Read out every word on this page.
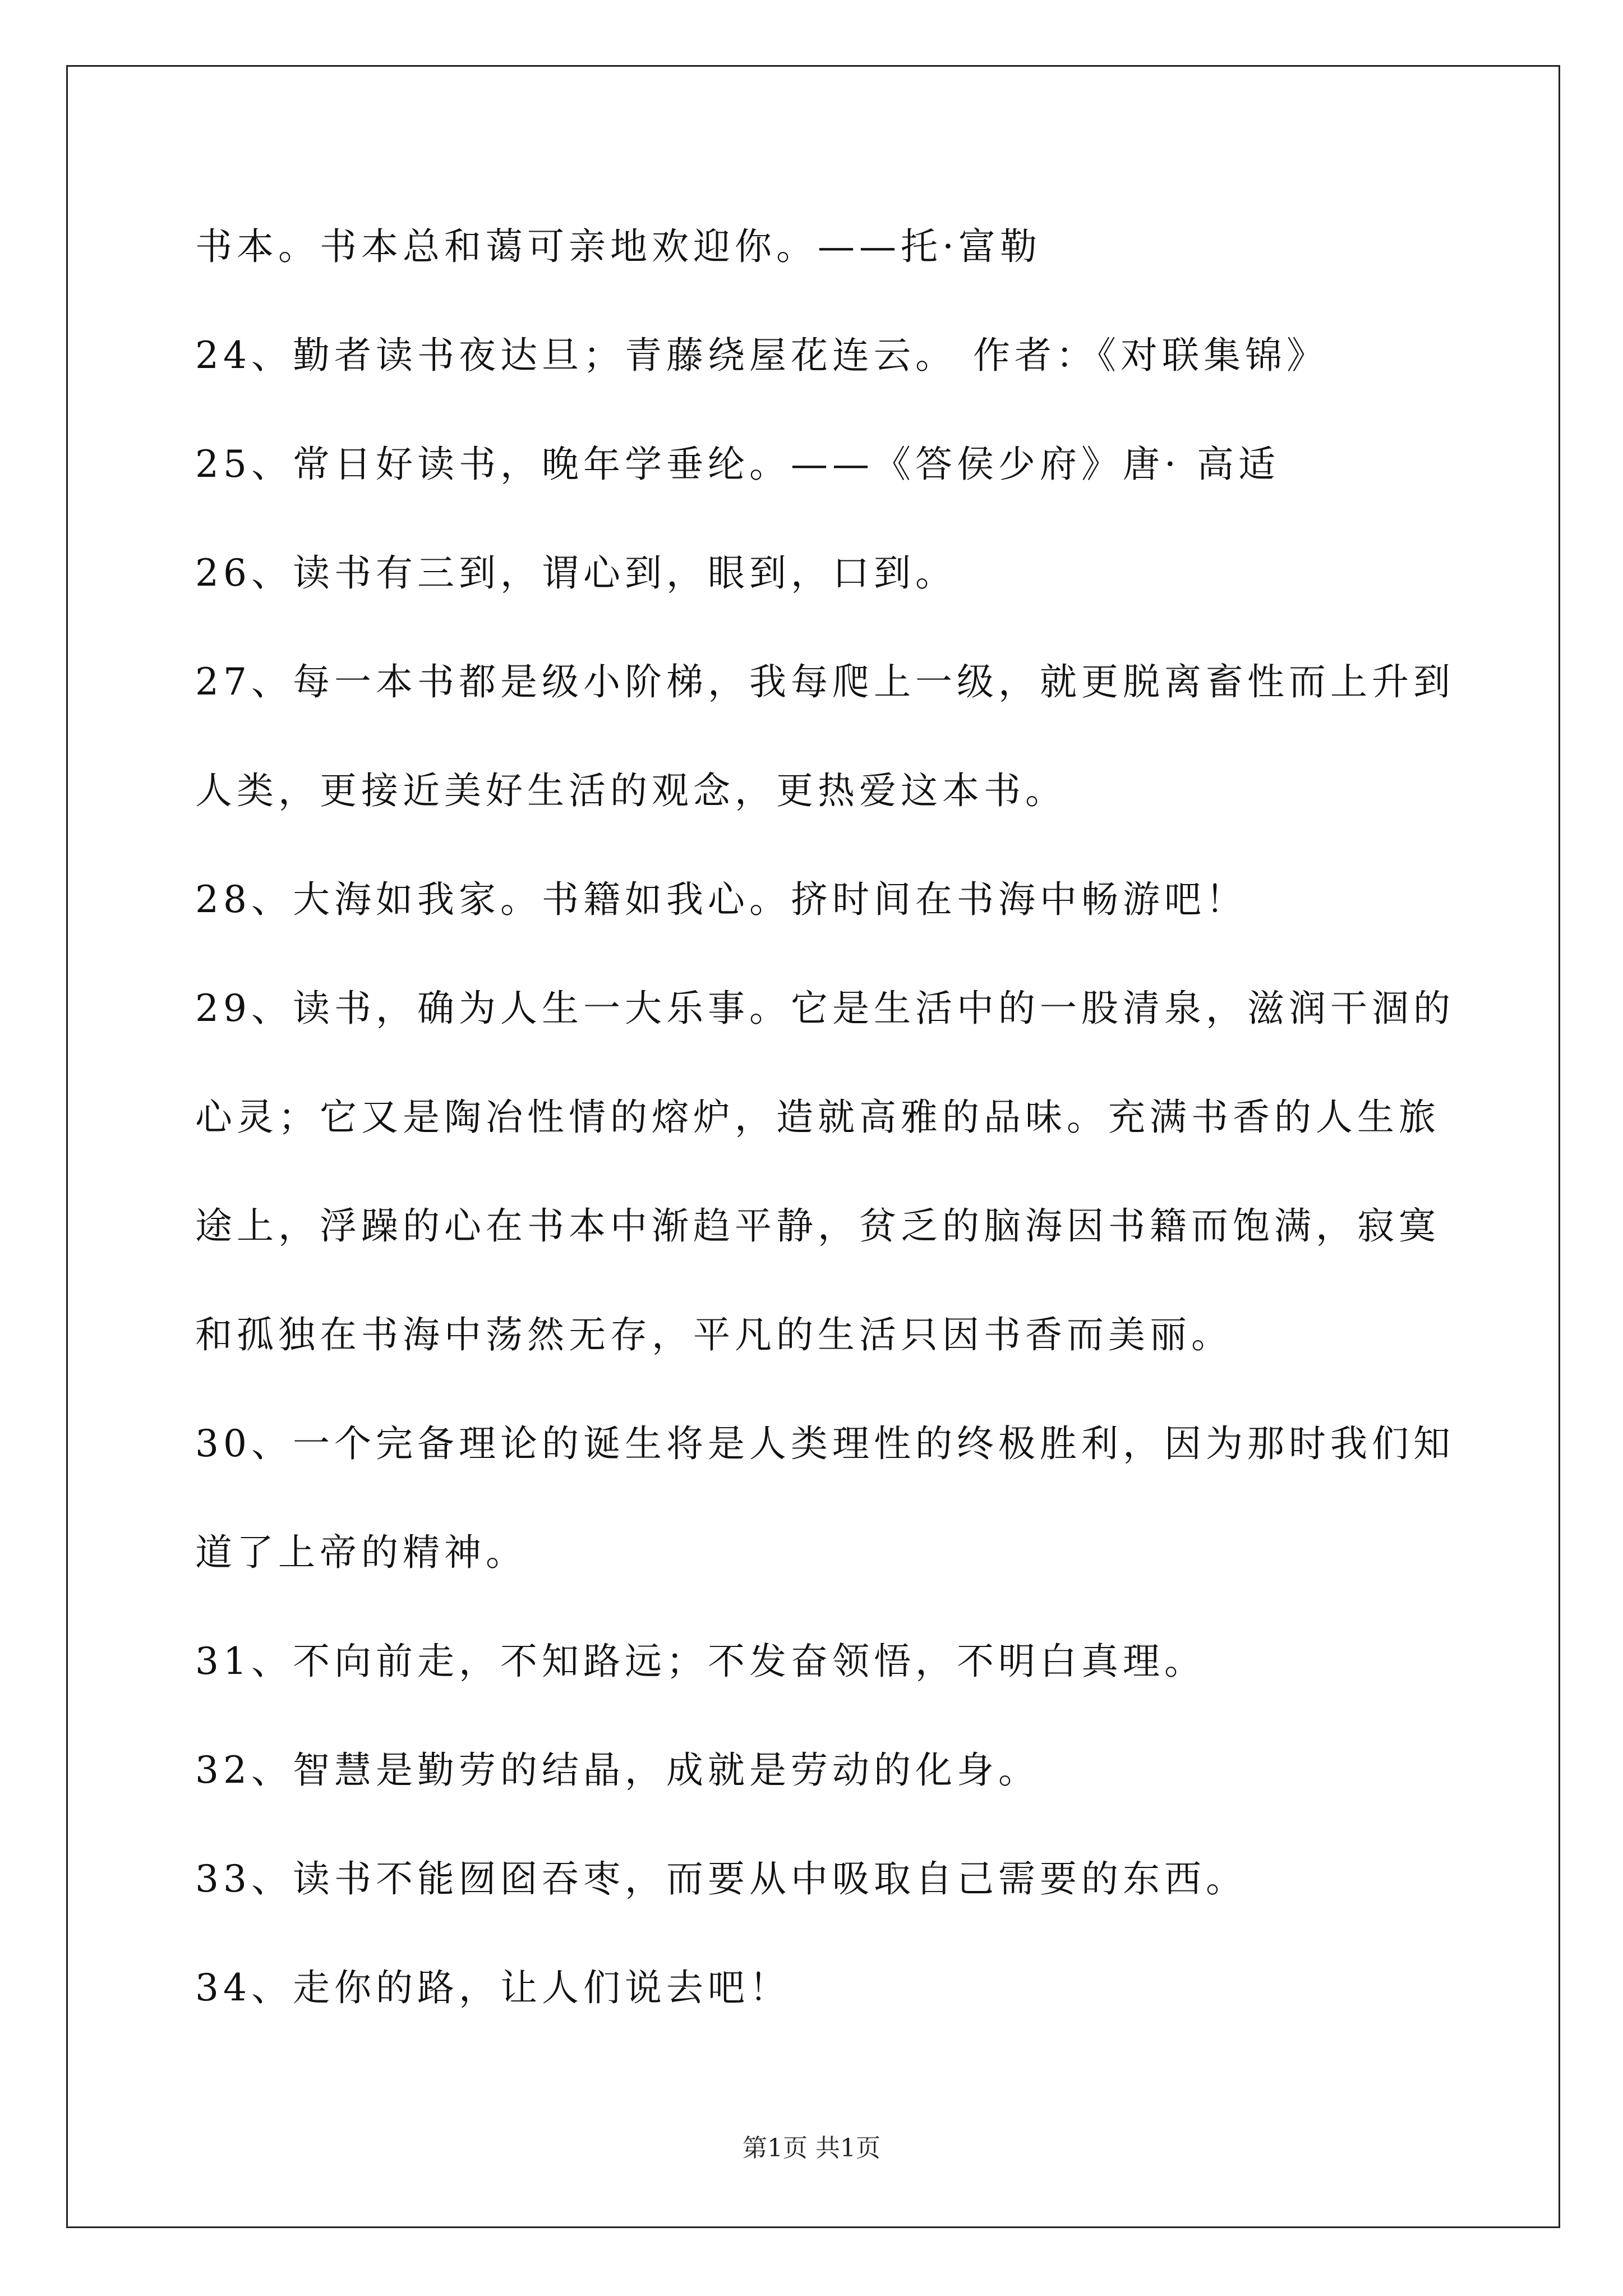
书本。书本总和蔼可亲地欢迎你。——托·富勒
24、勤者读书夜达旦；青藤绕屋花连云。 作者：《对联集锦》
25、常日好读书，晚年学垂纶。——《答侯少府》唐· 高适
26、读书有三到，谓心到，眼到，口到。
27、每一本书都是级小阶梯，我每爬上一级，就更脱离畜性而上升到
人类，更接近美好生活的观念，更热爱这本书。
28、大海如我家。书籍如我心。挤时间在书海中畅游吧！
29、读书，确为人生一大乐事。它是生活中的一股清泉，滋润干涸的
心灵；它又是陶冶性情的熔炉，造就高雅的品味。充满书香的人生旅
途上，浮躁的心在书本中渐趋平静，贫乏的脑海因书籍而饱满，寂寞
和孤独在书海中荡然无存，平凡的生活只因书香而美丽。
30、一个完备理论的诞生将是人类理性的终极胜利，因为那时我们知
道了上帝的精神。
31、不向前走，不知路远；不发奋领悟，不明白真理。
32、智慧是勤劳的结晶，成就是劳动的化身。
33、读书不能囫囵吞枣，而要从中吸取自己需要的东西。
34、走你的路，让人们说去吧！
第1页 共1页
